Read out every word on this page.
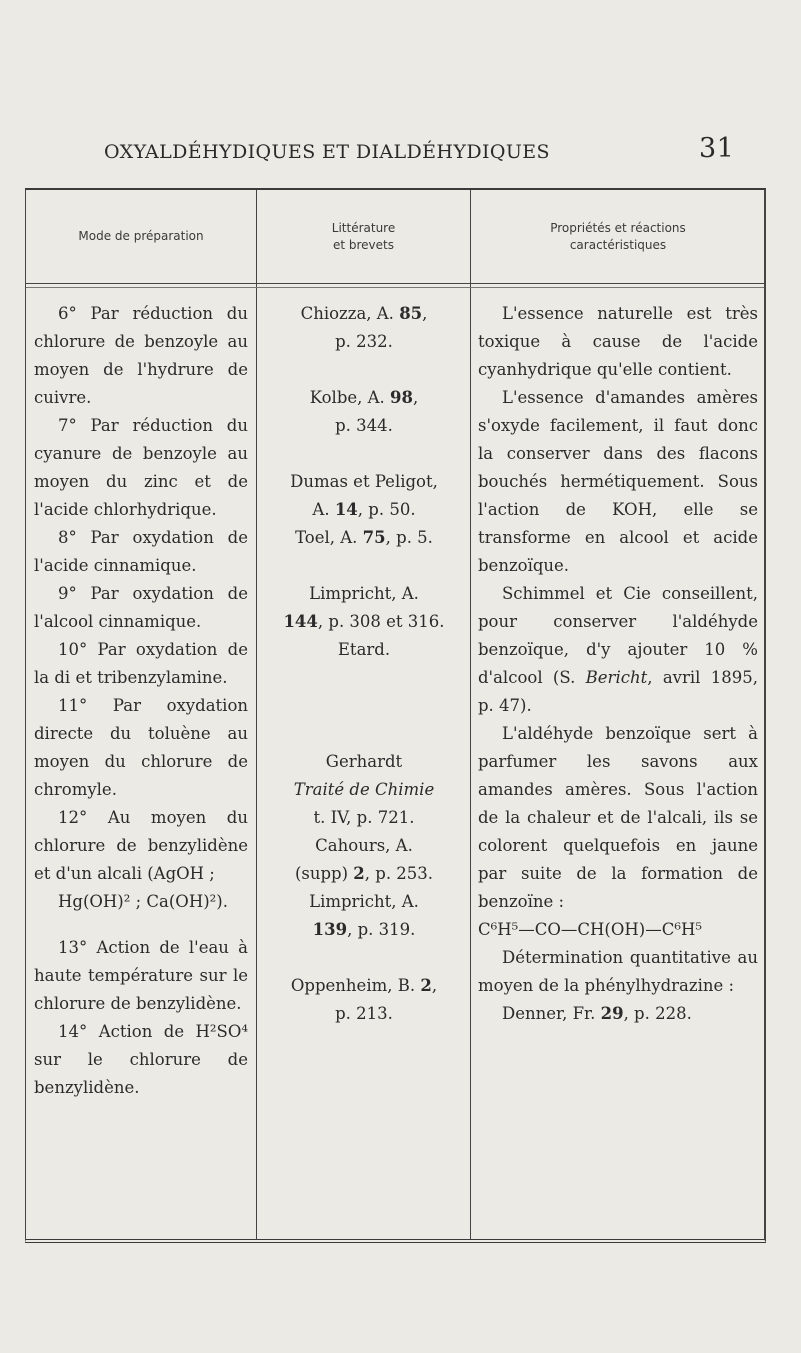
OXYALDÉHYDIQUES ET DIALDÉHYDIQUES	31
Mode de préparation
Littérature et brevets
Propriétés et réactions caractéristiques

6° Par réduction du chlorure de benzoyle au moyen de l'hydrure de cuivre.

7° Par réduction du cyanure de benzoyle au moyen du zinc et de l'acide chlorhydrique.

8° Par oxydation de l'acide cinnamique.

9° Par oxydation de l'alcool cinnamique.

10° Par oxydation de la di et tribenzylamine.

11° Par oxydation directe du toluène au moyen du chlorure de chromyle.

12° Au moyen du chlorure de benzylidène et d'un alcali (AgOH ;

Hg(OH)² ; Ca(OH)²).

13° Action de l'eau à haute température sur le chlorure de benzylidène.

14° Action de H²SO⁴ sur le chlorure de benzylidène.

Chiozza, A. 85,

p. 232.

Kolbe, A. 98,

p. 344.

Dumas et Peligot,

A. 14, p. 50.

Toel, A. 75, p. 5.

Limpricht, A.

144, p. 308 et 316.

Etard.

Gerhardt

Traité de Chimie

t. IV, p. 721.

Cahours, A.

(supp) 2, p. 253.

Limpricht, A.

139, p. 319.

Oppenheim, B. 2,

p. 213.

L'essence naturelle est très toxique à cause de l'acide cyanhydrique qu'elle contient.

L'essence d'amandes amères s'oxyde facilement, il faut donc la conserver dans des flacons bouchés hermétiquement. Sous l'action de KOH, elle se transforme en alcool et acide benzoïque.

Schimmel et Cie conseillent, pour conserver l'aldéhyde benzoïque, d'y ajouter 10 % d'alcool (S. Bericht, avril 1895, p. 47).

L'aldéhyde benzoïque sert à parfumer les savons aux amandes amères. Sous l'action de la chaleur et de l'alcali, ils se colorent quelquefois en jaune par suite de la formation de benzoïne :

C⁶H⁵—CO—CH(OH)—C⁶H⁵

Détermination quantitative au moyen de la phénylhydrazine :

Denner, Fr. 29, p. 228.
